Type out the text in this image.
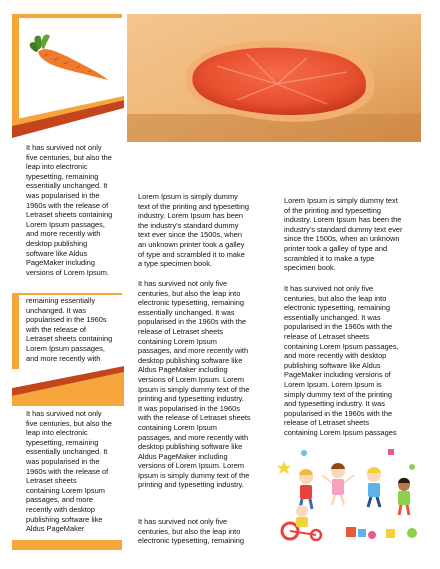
It has survived not only
five centuries, but also the
leap into electronic
typesetting, remaining
essentially unchanged. It
was popularised in the
1960s with the release of
Letraset sheets containing
Lorem Ipsum passages,
and more recently with
desktop publishing
software like Aldus
PageMaker including
versions of Lorem Ipsum.

remaining essentially
unchanged. It was
popularised in the 1960s
with the release of
Letraset sheets containing
Lorem Ipsum passages,
and more recently with

It has survived not only
five centuries, but also the
leap into electronic
typesetting, remaining
essentially unchanged. It
was popularised in the
1960s with the release of
Letraset sheets
containing Lorem Ipsum
passages, and more
recently with desktop
publishing software like
Aldus PageMaker

Lorem Ipsum is simply dummy
text of the printing and typesetting
industry. Lorem Ipsum has been
the industry's standard dummy
text ever since the 1500s, when
an unknown printer took a galley
of type and scrambled it to make
a type specimen book.

It has survived not only five
centuries, but also the leap into
electronic typesetting, remaining
essentially unchanged. It was
popularised in the 1960s with the
release of Letraset sheets
containing Lorem Ipsum
passages, and more recently with
desktop publishing software like
Aldus PageMaker including
versions of Lorem Ipsum. Lorem
Ipsum is simply dummy text of the
printing and typesetting industry.
It was popularised in the 1960s
with the release of Letraset sheets
containing Lorem Ipsum
passages, and more recently with
desktop publishing software like
Aldus PageMaker including
versions of Lorem Ipsum. Lorem
Ipsum is simply dummy text of the
printing and typesetting industry.

It has survived not only five
centuries, but also the leap into
electronic typesetting, remaining

Lorem Ipsum is simply dummy text
of the printing and typesetting
industry. Lorem Ipsum has been the
industry's standard dummy text ever
since the 1500s, when an unknown
printer took a galley of type and
scrambled it to make a type
specimen book.

It has survived not only five
centuries, but also the leap into
electronic typesetting, remaining
essentially unchanged. It was
popularised in the 1960s with the
release of Letraset sheets
containing Lorem Ipsum passages,
and more recently with desktop
publishing software like Aldus
PageMaker including versions of
Lorem Ipsum. Lorem Ipsum is
simply dummy text of the printing
and typesetting industry. It was
popularised in the 1960s with the
release of Letraset sheets
containing Lorem Ipsum passages
